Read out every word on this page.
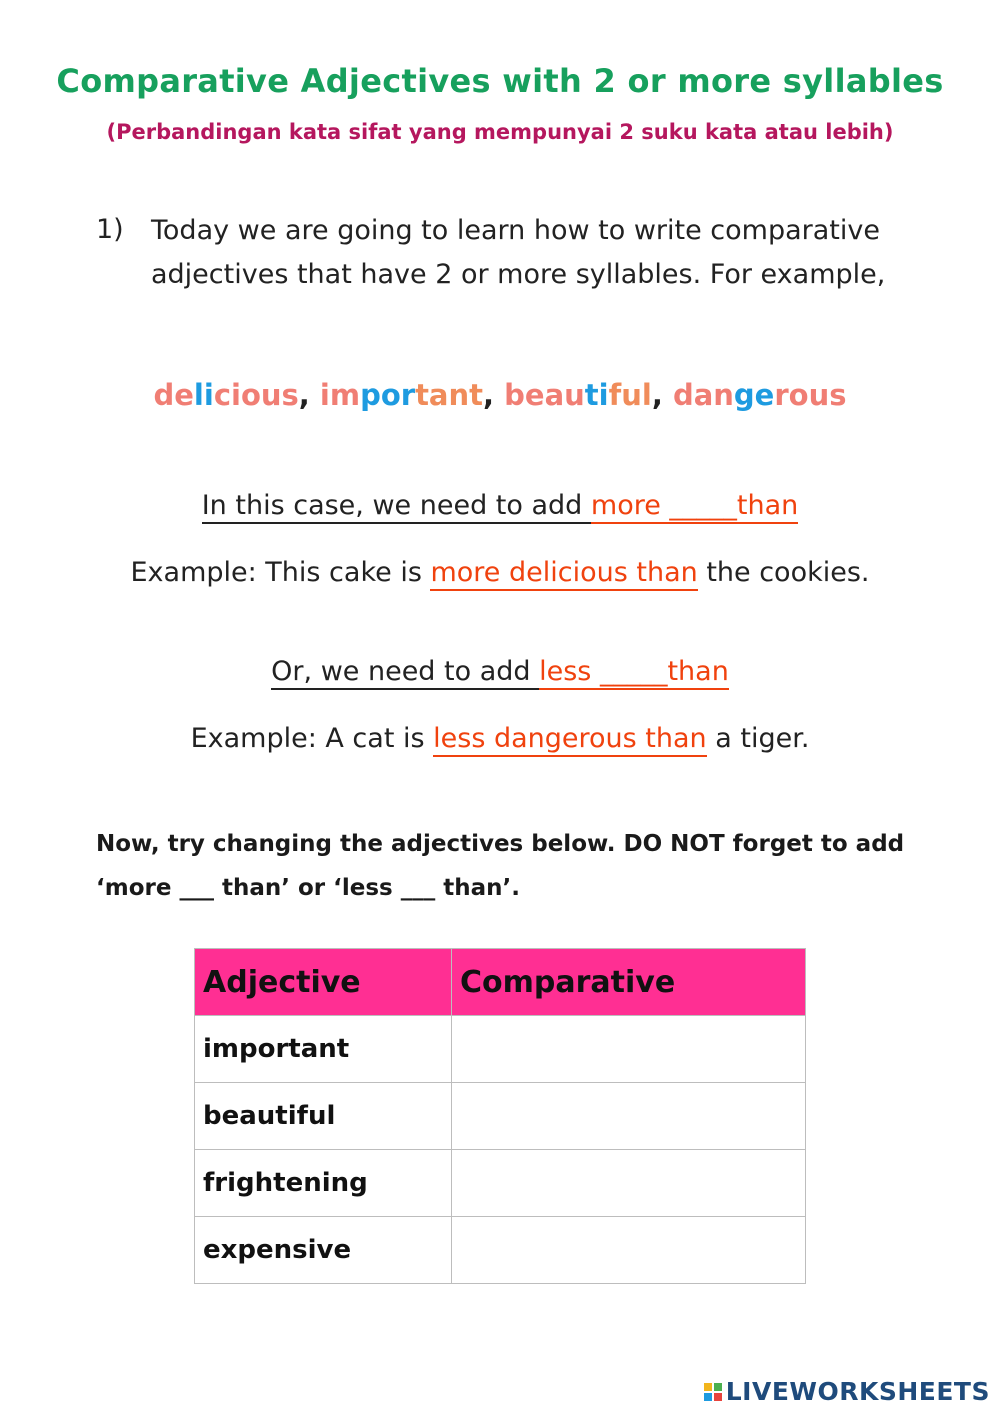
Comparative Adjectives with 2 or more syllables
(Perbandingan kata sifat yang mempunyai 2 suku kata atau lebih)
1) Today we are going to learn how to write comparative
adjectives that have 2 or more syllables. For example,
delicious, important, beautiful, dangerous
In this case, we need to add more _____than
Example: This cake is more delicious than the cookies.
Or, we need to add less _____than
Example: A cat is less dangerous than a tiger.
Now, try changing the adjectives below. DO NOT forget to add
‘more ___ than’ or ‘less ___ than’.
Adjective	Comparative
important	
beautiful	
frightening	
expensive	
LIVEWORKSHEETS
